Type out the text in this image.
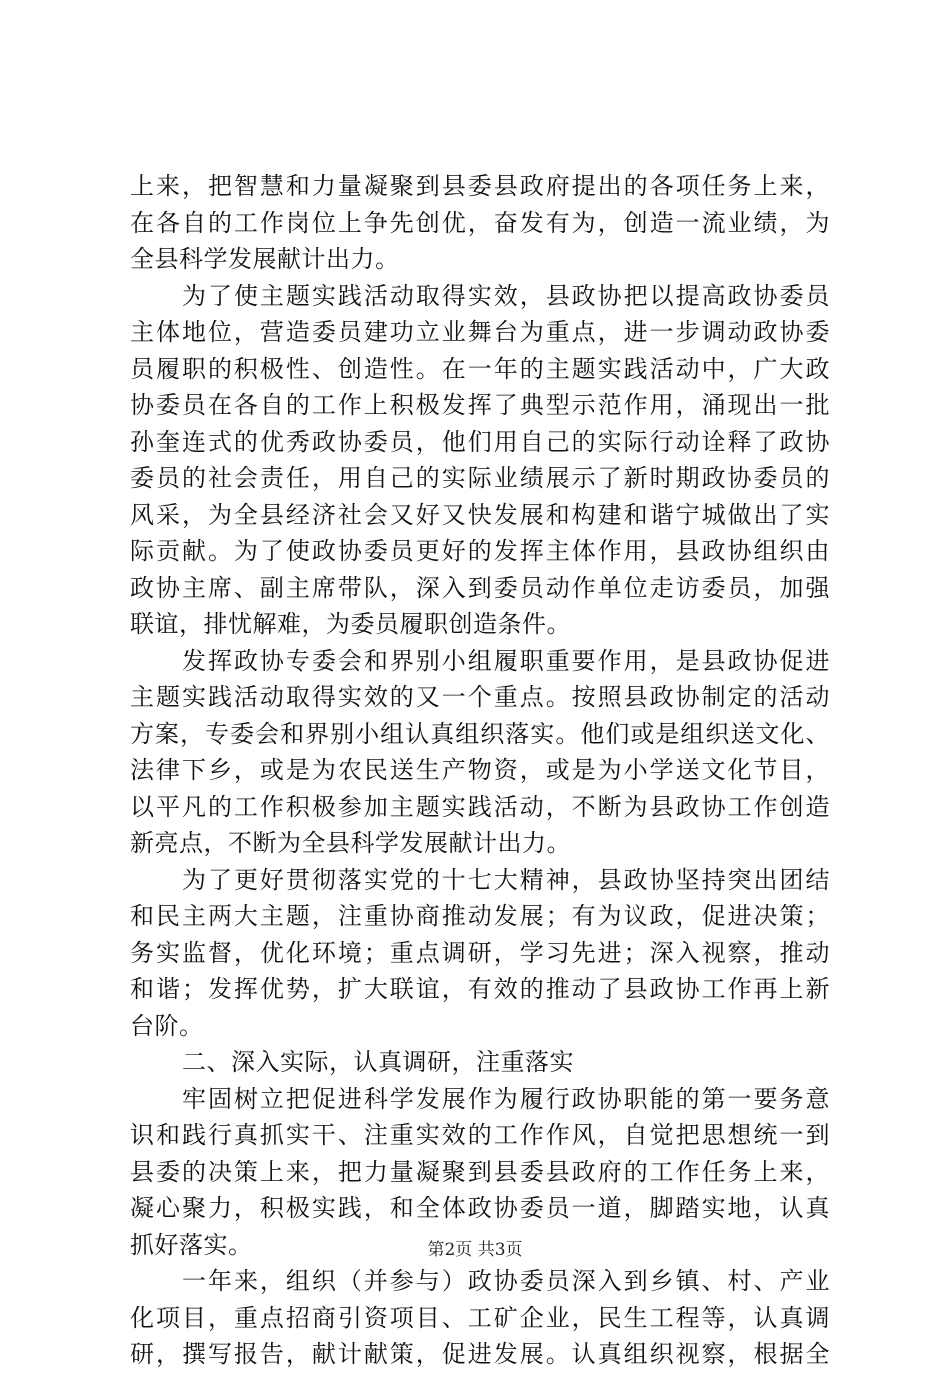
上来，把智慧和力量凝聚到县委县政府提出的各项任务上来，
在各自的工作岗位上争先创优，奋发有为，创造一流业绩，为
全县科学发展献计出力。
为了使主题实践活动取得实效，县政协把以提高政协委员
主体地位，营造委员建功立业舞台为重点，进一步调动政协委
员履职的积极性、创造性。在一年的主题实践活动中，广大政
协委员在各自的工作上积极发挥了典型示范作用，涌现出一批
孙奎连式的优秀政协委员，他们用自己的实际行动诠释了政协
委员的社会责任，用自己的实际业绩展示了新时期政协委员的
风采，为全县经济社会又好又快发展和构建和谐宁城做出了实
际贡献。为了使政协委员更好的发挥主体作用，县政协组织由
政协主席、副主席带队，深入到委员动作单位走访委员，加强
联谊，排忧解难，为委员履职创造条件。
发挥政协专委会和界别小组履职重要作用，是县政协促进
主题实践活动取得实效的又一个重点。按照县政协制定的活动
方案，专委会和界别小组认真组织落实。他们或是组织送文化、
法律下乡，或是为农民送生产物资，或是为小学送文化节目，
以平凡的工作积极参加主题实践活动，不断为县政协工作创造
新亮点，不断为全县科学发展献计出力。
为了更好贯彻落实党的十七大精神，县政协坚持突出团结
和民主两大主题，注重协商推动发展；有为议政，促进决策；
务实监督，优化环境；重点调研，学习先进；深入视察，推动
和谐；发挥优势，扩大联谊，有效的推动了县政协工作再上新
台阶。
二、深入实际，认真调研，注重落实
牢固树立把促进科学发展作为履行政协职能的第一要务意
识和践行真抓实干、注重实效的工作作风，自觉把思想统一到
县委的决策上来，把力量凝聚到县委县政府的工作任务上来，
凝心聚力，积极实践，和全体政协委员一道，脚踏实地，认真
抓好落实。
一年来，组织（并参与）政协委员深入到乡镇、村、产业
化项目，重点招商引资项目、工矿企业，民生工程等，认真调
研，撰写报告，献计献策，促进发展。认真组织视察，根据全
第2页 共3页
